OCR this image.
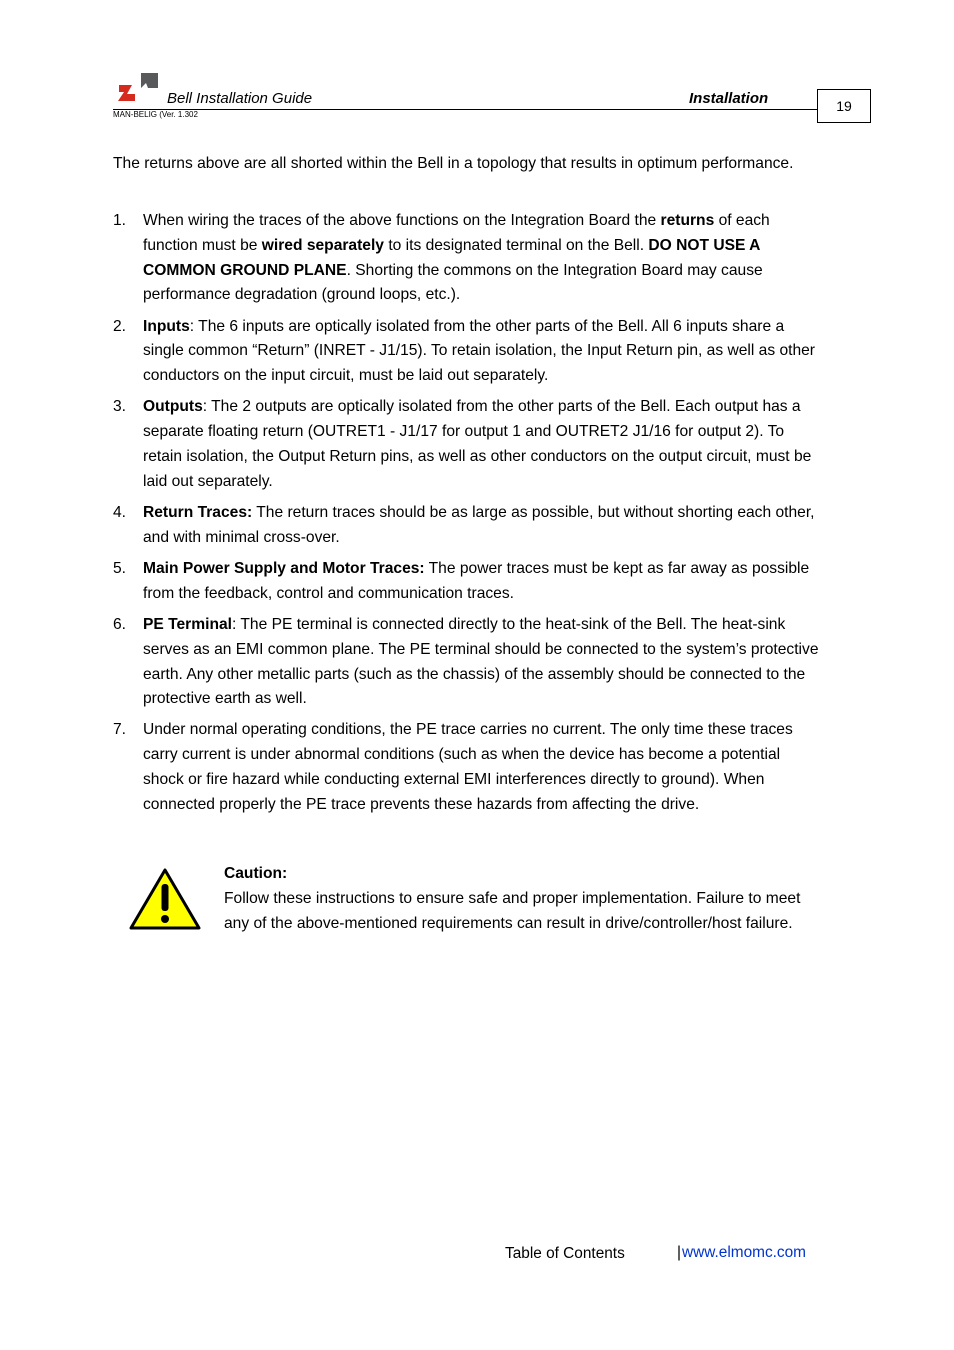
Bell Installation Guide	Installation
MAN-BELIG (Ver. 1.302
19
The returns above are all shorted within the Bell in a topology that results in optimum performance.
1. When wiring the traces of the above functions on the Integration Board the returns of each function must be wired separately to its designated terminal on the Bell. DO NOT USE A COMMON GROUND PLANE. Shorting the commons on the Integration Board may cause performance degradation (ground loops, etc.).
2. Inputs: The 6 inputs are optically isolated from the other parts of the Bell. All 6 inputs share a single common “Return” (INRET - J1/15). To retain isolation, the Input Return pin, as well as other conductors on the input circuit, must be laid out separately.
3. Outputs: The 2 outputs are optically isolated from the other parts of the Bell. Each output has a separate floating return (OUTRET1 - J1/17 for output 1 and OUTRET2 J1/16 for output 2). To retain isolation, the Output Return pins, as well as other conductors on the output circuit, must be laid out separately.
4. Return Traces: The return traces should be as large as possible, but without shorting each other, and with minimal cross-over.
5. Main Power Supply and Motor Traces: The power traces must be kept as far away as possible from the feedback, control and communication traces.
6. PE Terminal: The PE terminal is connected directly to the heat-sink of the Bell. The heat-sink serves as an EMI common plane. The PE terminal should be connected to the system’s protective earth. Any other metallic parts (such as the chassis) of the assembly should be connected to the protective earth as well.
7. Under normal operating conditions, the PE trace carries no current. The only time these traces carry current is under abnormal conditions (such as when the device has become a potential shock or fire hazard while conducting external EMI interferences directly to ground). When connected properly the PE trace prevents these hazards from affecting the drive.
Caution:
Follow these instructions to ensure safe and proper implementation. Failure to meet any of the above-mentioned requirements can result in drive/controller/host failure.
Table of Contents	| www.elmomc.com
